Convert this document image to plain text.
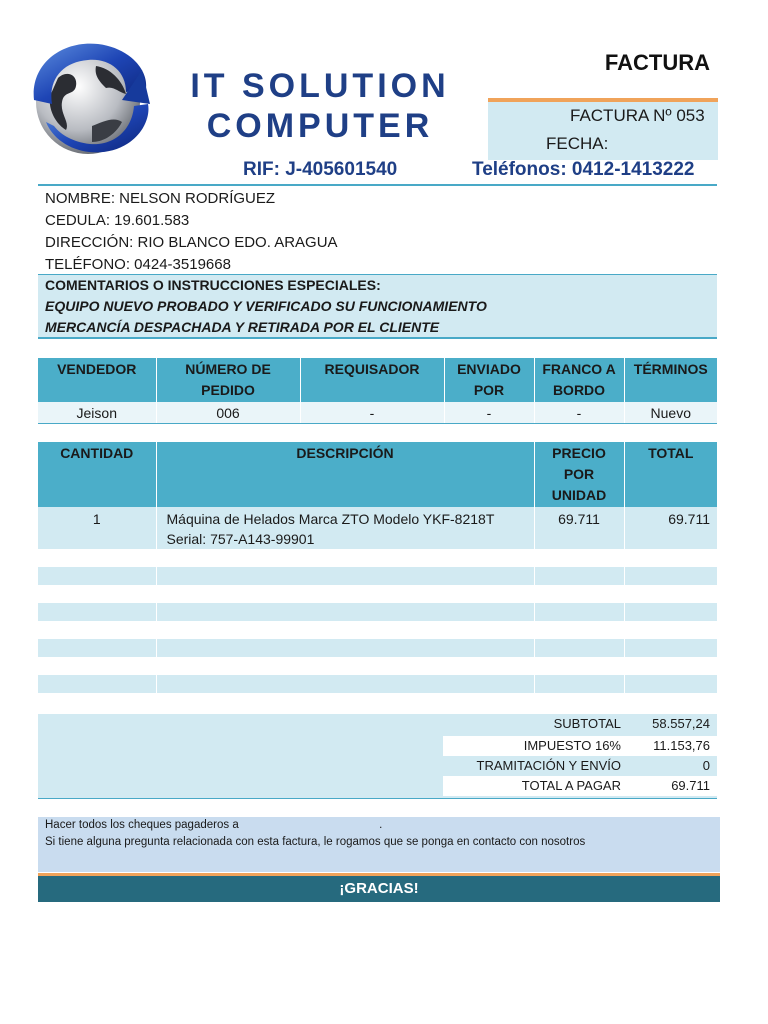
IT SOLUTION
COMPUTER
FACTURA
FACTURA Nº 053
FECHA:
RIF: J-405601540	Teléfonos: 0412-1413222
NOMBRE: NELSON RODRÍGUEZ
CEDULA: 19.601.583
DIRECCIÓN: RIO BLANCO EDO. ARAGUA
TELÉFONO: 0424-3519668
COMENTARIOS O INSTRUCCIONES ESPECIALES:
EQUIPO NUEVO PROBADO Y VERIFICADO SU FUNCIONAMIENTO
MERCANCÍA DESPACHADA Y RETIRADA POR EL CLIENTE
VENDEDOR	NÚMERO DE PEDIDO	REQUISADOR	ENVIADO POR	FRANCO A BORDO	TÉRMINOS
Jeison	006	-	-	-	Nuevo
CANTIDAD	DESCRIPCIÓN	PRECIO POR UNIDAD	TOTAL
1	Máquina de Helados Marca ZTO Modelo YKF-8218T
Serial: 757-A143-99901	69.711	69.711

SUBTOTAL 58.557,24
IMPUESTO 16% 11.153,76
TRAMITACIÓN Y ENVÍO	0
TOTAL A PAGAR	69.711
Hacer todos los cheques pagaderos a	.
Si tiene alguna pregunta relacionada con esta factura, le rogamos que se ponga en contacto con nosotros
¡GRACIAS!
